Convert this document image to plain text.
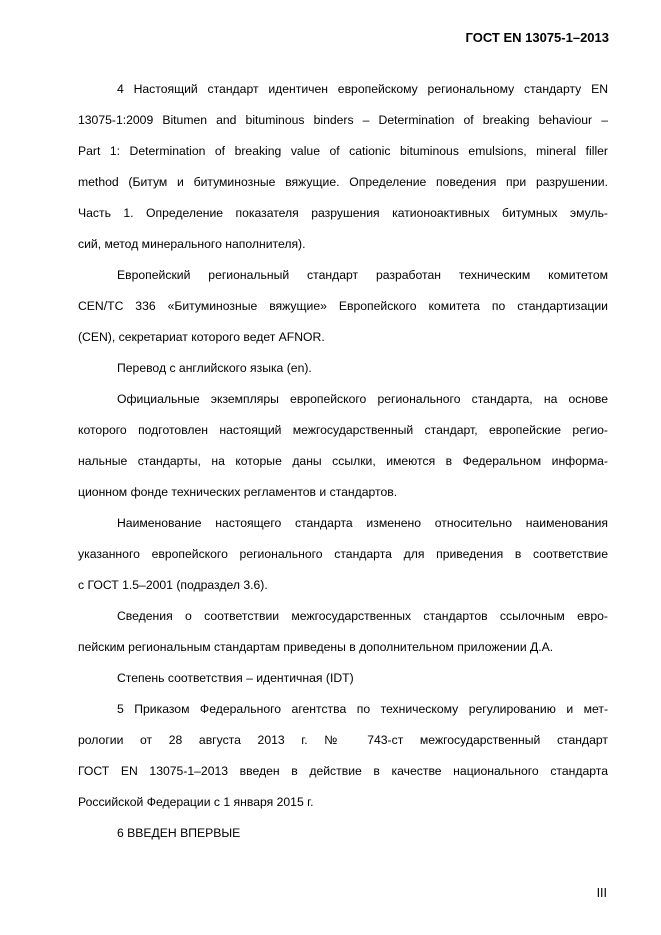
ГОСТ EN 13075-1–2013
4 Настоящий стандарт идентичен европейскому региональному стандарту EN
13075-1:2009 Bitumen and bituminous binders – Determination of breaking behaviour –
Part 1: Determination of breaking value of cationic bituminous emulsions, mineral filler
method (Битум и битуминозные вяжущие. Определение поведения при разрушении.
Часть 1. Определение показателя разрушения катионоактивных битумных эмуль-
сий, метод минерального наполнителя).
Европейский региональный стандарт разработан техническим комитетом
CEN/TC 336 «Битуминозные вяжущие» Европейского комитета по стандартизации
(CEN), секретариат которого ведет AFNOR.
Перевод с английского языка (en).
Официальные экземпляры европейского регионального стандарта, на основе
которого подготовлен настоящий межгосударственный стандарт, европейские регио-
нальные стандарты, на которые даны ссылки, имеются в Федеральном информа-
ционном фонде технических регламентов и стандартов.
Наименование настоящего стандарта изменено относительно наименования
указанного европейского регионального стандарта для приведения в соответствие
с ГОСТ 1.5–2001 (подраздел 3.6).
Сведения о соответствии межгосударственных стандартов ссылочным евро-
пейским региональным стандартам приведены в дополнительном приложении Д.А.
Степень соответствия – идентичная (IDT)
5 Приказом Федерального агентства по техническому регулированию и мет-
рологии от 28 августа 2013 г. № 743-ст межгосударственный стандарт
ГОСТ EN 13075-1–2013 введен в действие в качестве национального стандарта
Российской Федерации с 1 января 2015 г.
6 ВВЕДЕН ВПЕРВЫЕ
III
